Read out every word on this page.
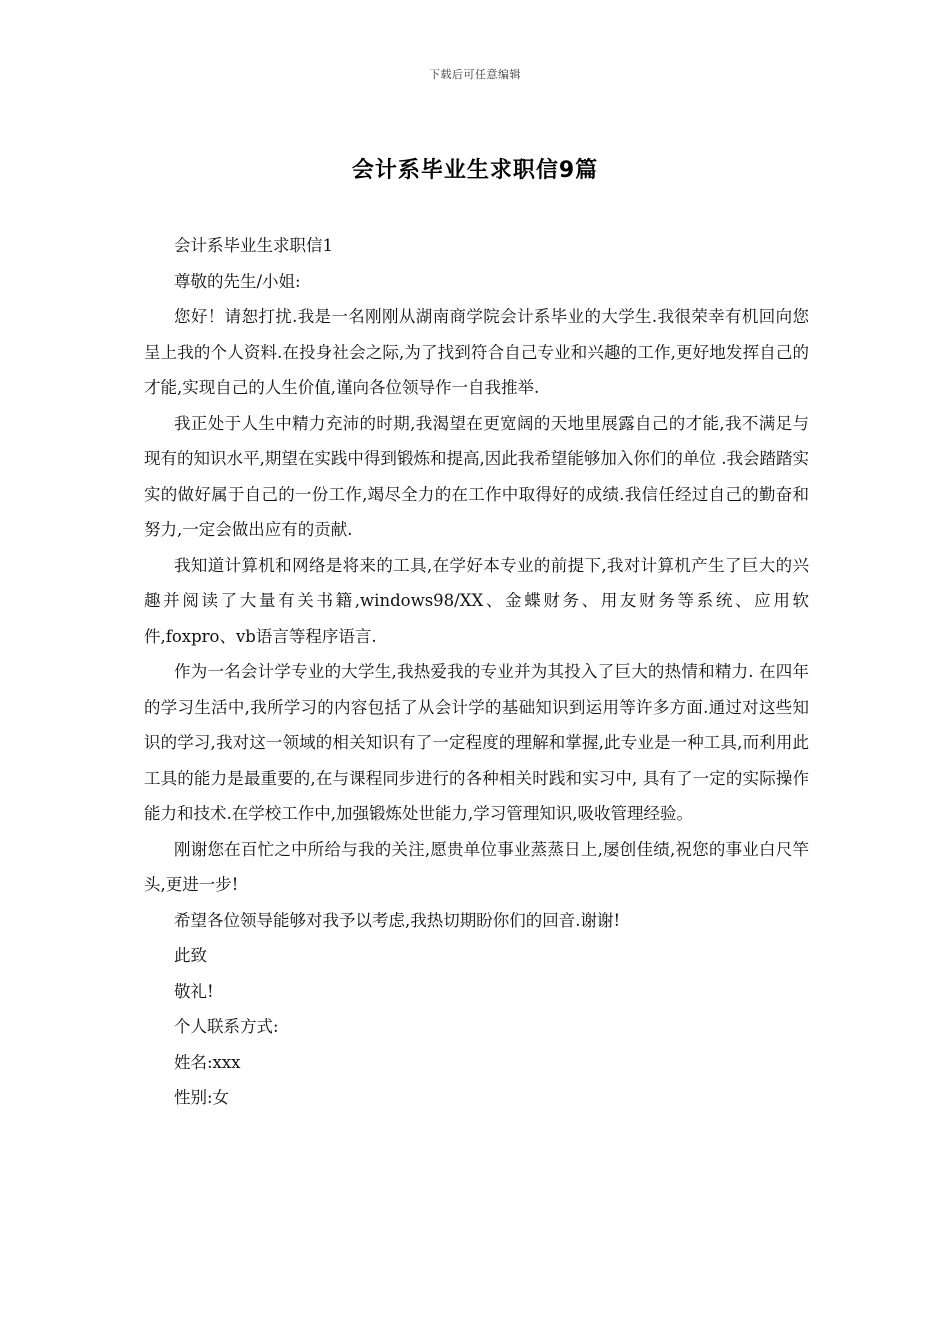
下载后可任意编辑
会计系毕业生求职信9篇

会计系毕业生求职信1

尊敬的先生/小姐:

您好！请恕打扰.我是一名刚刚从湖南商学院会计系毕业的大学生.我很荣幸有机回向您呈上我的个人资料.在投身社会之际,为了找到符合自己专业和兴趣的工作,更好地发挥自己的才能,实现自己的人生价值,谨向各位领导作一自我推举.

我正处于人生中精力充沛的时期,我渴望在更宽阔的天地里展露自己的才能,我不满足与现有的知识水平,期望在实践中得到锻炼和提高,因此我希望能够加入你们的单位 .我会踏踏实实的做好属于自己的一份工作,竭尽全力的在工作中取得好的成绩.我信任经过自己的勤奋和努力,一定会做出应有的贡献.

我知道计算机和网络是将来的工具,在学好本专业的前提下,我对计算机产生了巨大的兴趣并阅读了大量有关书籍,windows98/XX、金蝶财务、用友财务等系统、应用软件,foxpro、vb语言等程序语言.

作为一名会计学专业的大学生,我热爱我的专业并为其投入了巨大的热情和精力. 在四年的学习生活中,我所学习的内容包括了从会计学的基础知识到运用等许多方面.通过对这些知识的学习,我对这一领域的相关知识有了一定程度的理解和掌握,此专业是一种工具,而利用此工具的能力是最重要的,在与课程同步进行的各种相关时践和实习中, 具有了一定的实际操作能力和技术.在学校工作中,加强锻炼处世能力,学习管理知识,吸收管理经验。

刚谢您在百忙之中所给与我的关注,愿贵单位事业蒸蒸日上,屡创佳绩,祝您的事业白尺竿头,更进一步!

希望各位领导能够对我予以考虑,我热切期盼你们的回音.谢谢!

此致

敬礼!

个人联系方式:

姓名:xxx

性别:女
